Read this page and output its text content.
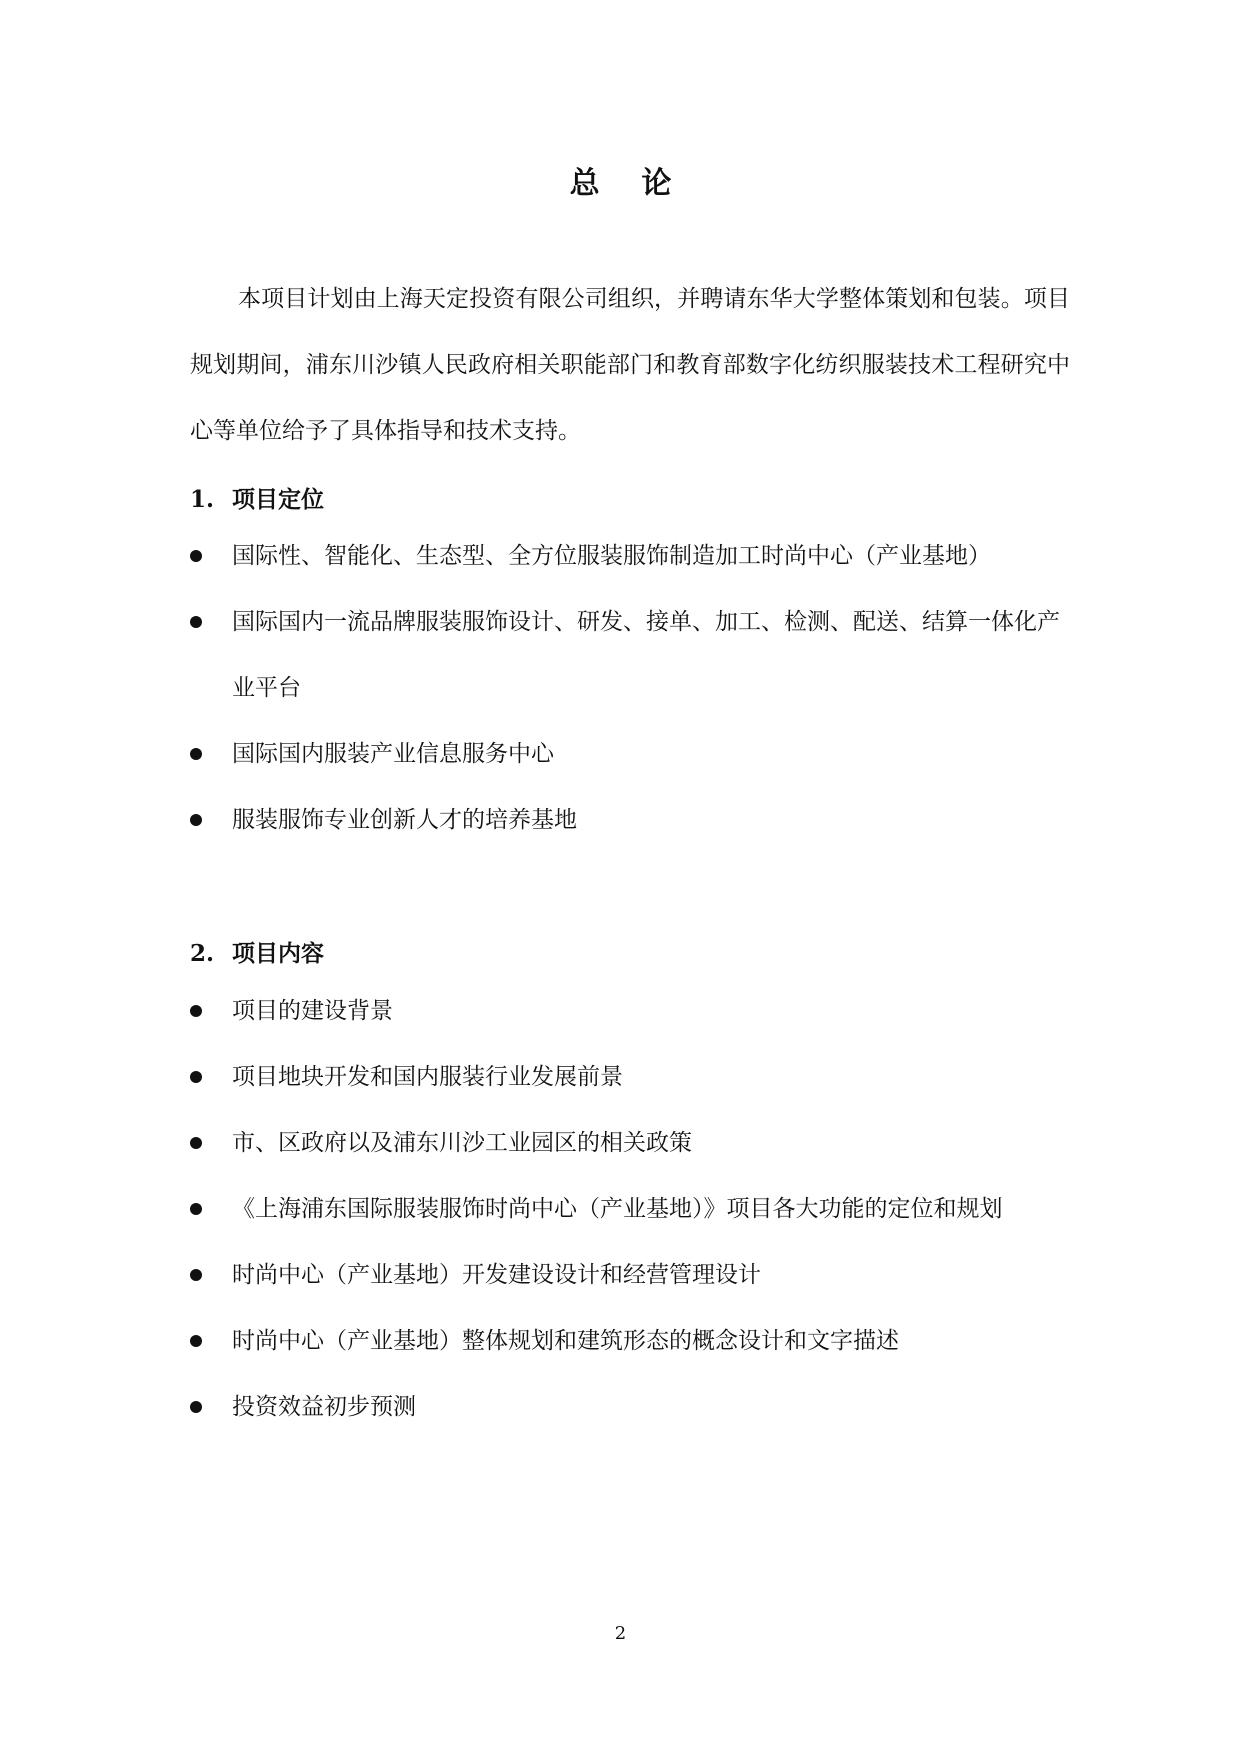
总    论
本项目计划由上海天定投资有限公司组织，并聘请东华大学整体策划和包装。项目规划期间，浦东川沙镇人民政府相关职能部门和教育部数字化纺织服装技术工程研究中心等单位给予了具体指导和技术支持。
1. 项目定位
国际性、智能化、生态型、全方位服装服饰制造加工时尚中心（产业基地）
国际国内一流品牌服装服饰设计、研发、接单、加工、检测、配送、结算一体化产业平台
国际国内服装产业信息服务中心
服装服饰专业创新人才的培养基地
2. 项目内容
项目的建设背景
项目地块开发和国内服装行业发展前景
市、区政府以及浦东川沙工业园区的相关政策
《上海浦东国际服装服饰时尚中心（产业基地）》项目各大功能的定位和规划
时尚中心（产业基地）开发建设设计和经营管理设计
时尚中心（产业基地）整体规划和建筑形态的概念设计和文字描述
投资效益初步预测
2
